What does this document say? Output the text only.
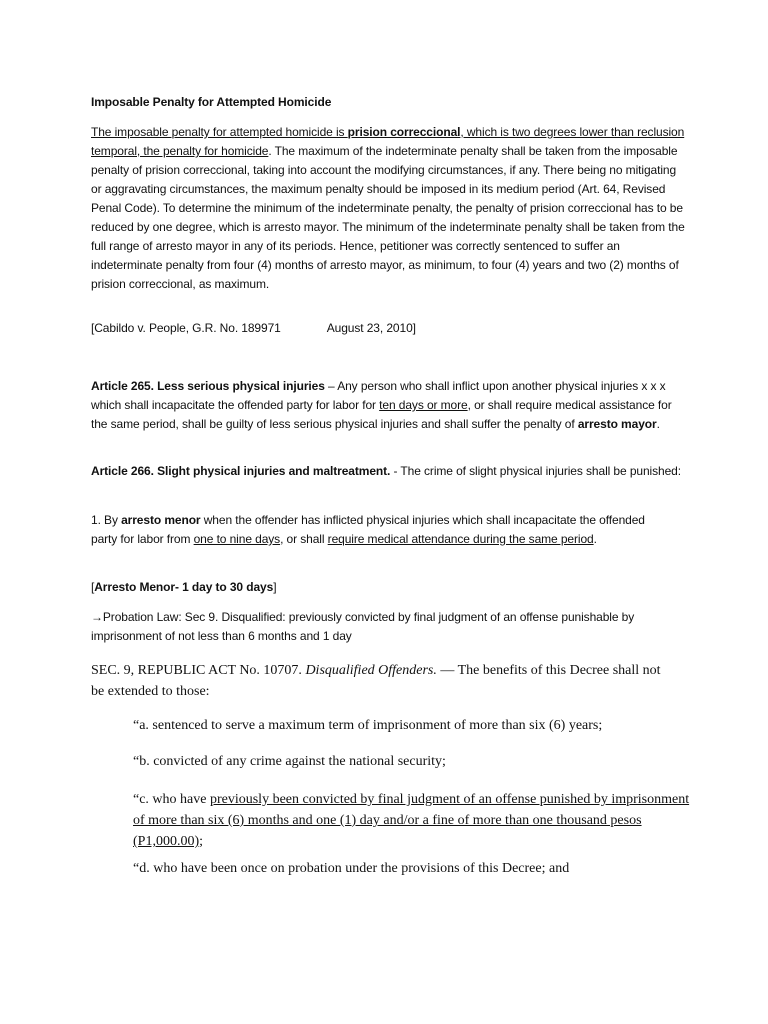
Imposable Penalty for Attempted Homicide

The imposable penalty for attempted homicide is prision correccional, which is two degrees lower than reclusion temporal, the penalty for homicide. The maximum of the indeterminate penalty shall be taken from the imposable penalty of prision correccional, taking into account the modifying circumstances, if any. There being no mitigating or aggravating circumstances, the maximum penalty should be imposed in its medium period (Art. 64, Revised Penal Code). To determine the minimum of the indeterminate penalty, the penalty of prision correccional has to be reduced by one degree, which is arresto mayor. The minimum of the indeterminate penalty shall be taken from the full range of arresto mayor in any of its periods. Hence, petitioner was correctly sentenced to suffer an indeterminate penalty from four (4) months of arresto mayor, as minimum, to four (4) years and two (2) months of prision correccional, as maximum.

[Cabildo v. People, G.R. No. 189971	August 23, 2010]

Article 265. Less serious physical injuries – Any person who shall inflict upon another physical injuries x x x which shall incapacitate the offended party for labor for ten days or more, or shall require medical assistance for the same period, shall be guilty of less serious physical injuries and shall suffer the penalty of arresto mayor.

Article 266. Slight physical injuries and maltreatment. - The crime of slight physical injuries shall be punished:

1. By arresto menor when the offender has inflicted physical injuries which shall incapacitate the offended party for labor from one to nine days, or shall require medical attendance during the same period.

[Arresto Menor- 1 day to 30 days]

→Probation Law: Sec 9. Disqualified: previously convicted by final judgment of an offense punishable by imprisonment of not less than 6 months and 1 day

SEC. 9, REPUBLIC ACT No. 10707. Disqualified Offenders. — The benefits of this Decree shall not be extended to those:

“a. sentenced to serve a maximum term of imprisonment of more than six (6) years;

“b. convicted of any crime against the national security;

“c. who have previously been convicted by final judgment of an offense punished by imprisonment of more than six (6) months and one (1) day and/or a fine of more than one thousand pesos (P1,000.00);

“d. who have been once on probation under the provisions of this Decree; and
